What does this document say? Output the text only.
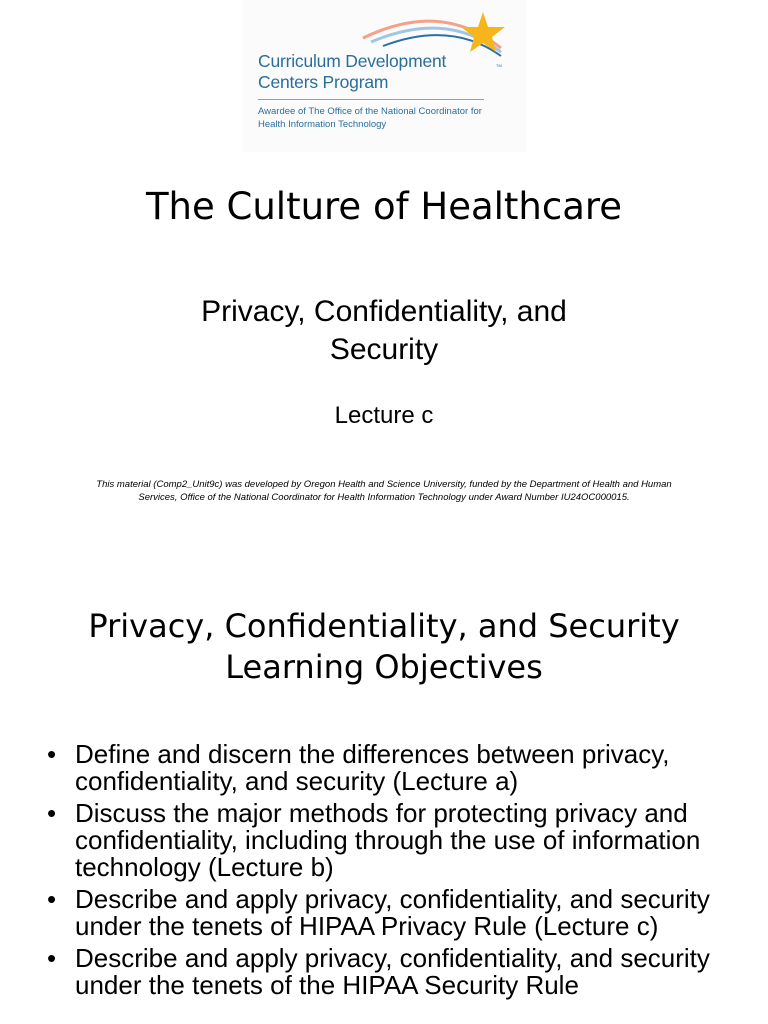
Curriculum Development
Centers Program
TM
Awardee of The Office of the National Coordinator for
Health Information Technology
The Culture of Healthcare
Privacy, Confidentiality, and
Security
Lecture c
This material (Comp2_Unit9c) was developed by Oregon Health and Science University, funded by the Department of Health and Human Services, Office of the National Coordinator for Health Information Technology under Award Number IU24OC000015.
Privacy, Confidentiality, and Security
Learning Objectives
• Define and discern the differences between privacy, confidentiality, and security (Lecture a)
• Discuss the major methods for protecting privacy and confidentiality, including through the use of information technology (Lecture b)
• Describe and apply privacy, confidentiality, and security under the tenets of HIPAA Privacy Rule (Lecture c)
• Describe and apply privacy, confidentiality, and security under the tenets of the HIPAA Security Rule
